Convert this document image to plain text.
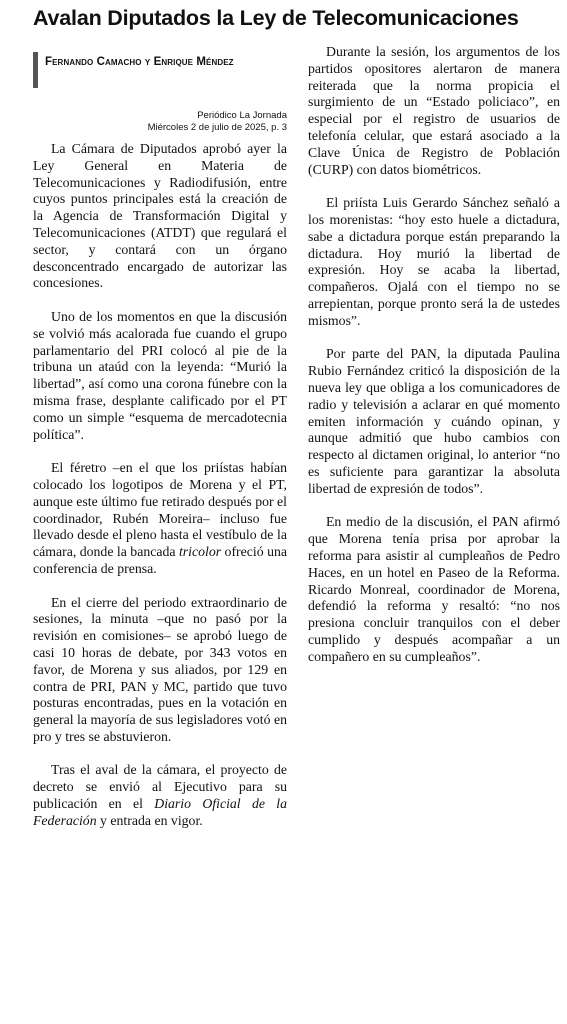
Avalan Diputados la Ley de Telecomunicaciones
Fernando Camacho y Enrique Méndez
Periódico La Jornada
Miércoles 2 de julio de 2025, p. 3

La Cámara de Diputados aprobó ayer la Ley General en Materia de Telecomunicaciones y Radiodifusión, entre cuyos puntos principales está la creación de la Agencia de Transformación Digital y Telecomunicaciones (ATDT) que regulará el sector, y contará con un órgano desconcentrado encargado de autorizar las concesiones.

Uno de los momentos en que la discusión se volvió más acalorada fue cuando el grupo parlamentario del PRI colocó al pie de la tribuna un ataúd con la leyenda: “Murió la libertad”, así como una corona fúnebre con la misma frase, desplante calificado por el PT como un simple “esquema de mercadotecnia política”.

El féretro –en el que los priístas habían colocado los logotipos de Morena y el PT, aunque este último fue retirado después por el coordinador, Rubén Moreira– incluso fue llevado desde el pleno hasta el vestíbulo de la cámara, donde la bancada tricolor ofreció una conferencia de prensa.

En el cierre del periodo extraordinario de sesiones, la minuta –que no pasó por la revisión en comisiones– se aprobó luego de casi 10 horas de debate, por 343 votos en favor, de Morena y sus aliados, por 129 en contra de PRI, PAN y MC, partido que tuvo posturas encontradas, pues en la votación en general la mayoría de sus legisladores votó en pro y tres se abstuvieron.

Tras el aval de la cámara, el proyecto de decreto se envió al Ejecutivo para su publicación en el Diario Oficial de la Federación y entrada en vigor.

Durante la sesión, los argumentos de los partidos opositores alertaron de manera reiterada que la norma propicia el surgimiento de un “Estado policiaco”, en especial por el registro de usuarios de telefonía celular, que estará asociado a la Clave Única de Registro de Población (CURP) con datos biométricos.

El priísta Luis Gerardo Sánchez señaló a los morenistas: “hoy esto huele a dictadura, sabe a dictadura porque están preparando la dictadura. Hoy murió la libertad de expresión. Hoy se acaba la libertad, compañeros. Ojalá con el tiempo no se arrepientan, porque pronto será la de ustedes mismos”.

Por parte del PAN, la diputada Paulina Rubio Fernández criticó la disposición de la nueva ley que obliga a los comunicadores de radio y televisión a aclarar en qué momento emiten información y cuándo opinan, y aunque admitió que hubo cambios con respecto al dictamen original, lo anterior “no es suficiente para garantizar la absoluta libertad de expresión de todos”.

En medio de la discusión, el PAN afirmó que Morena tenía prisa por aprobar la reforma para asistir al cumpleaños de Pedro Haces, en un hotel en Paseo de la Reforma. Ricardo Monreal, coordinador de Morena, defendió la reforma y resaltó: “no nos presiona concluir tranquilos con el deber cumplido y después acompañar a un compañero en su cumpleaños”.
